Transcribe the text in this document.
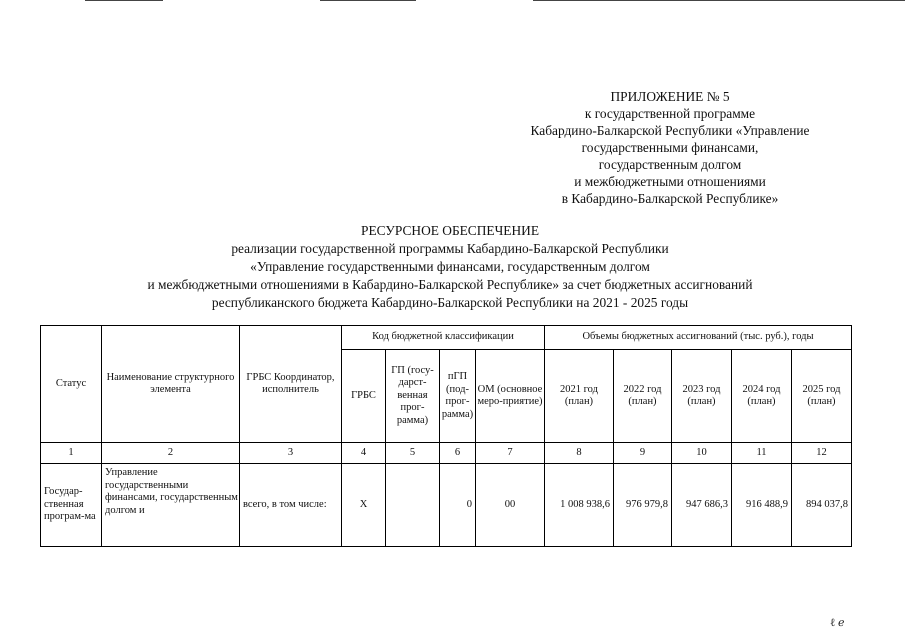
ПРИЛОЖЕНИЕ № 5
к государственной программе
Кабардино-Балкарской Республики «Управление
государственными финансами,
государственным долгом
и межбюджетными отношениями
в Кабардино-Балкарской Республике»
РЕСУРСНОЕ ОБЕСПЕЧЕНИЕ
реализации государственной программы Кабардино-Балкарской Республики
«Управление государственными финансами, государственным долгом
и межбюджетными отношениями в Кабардино-Балкарской Республике» за счет бюджетных ассигнований
республиканского бюджета Кабардино-Балкарской Республики на 2021 - 2025 годы
Статус	Наименование структурного элемента	ГРБС Координатор, исполнитель	Код бюджетной классификации				Объемы бюджетных ассигнований (тыс. руб.), годы				
			ГРБС	ГП (госу-дарст-венная прог-рамма)	пГП (под-прог-рамма)	ОМ (основное меро-приятие)	2021 год (план)	2022 год (план)	2023 год (план)	2024 год (план)	2025 год (план)
1	2	3	4	5	6	7	8	9	10	11	12
Государ-ственная програм-ма	Управление государственными финансами, государственным долгом и	всего, в том числе:	Х		0	00	1 008 938,6	976 979,8	947 686,3	916 488,9	894 037,8
ℓ ℯ
